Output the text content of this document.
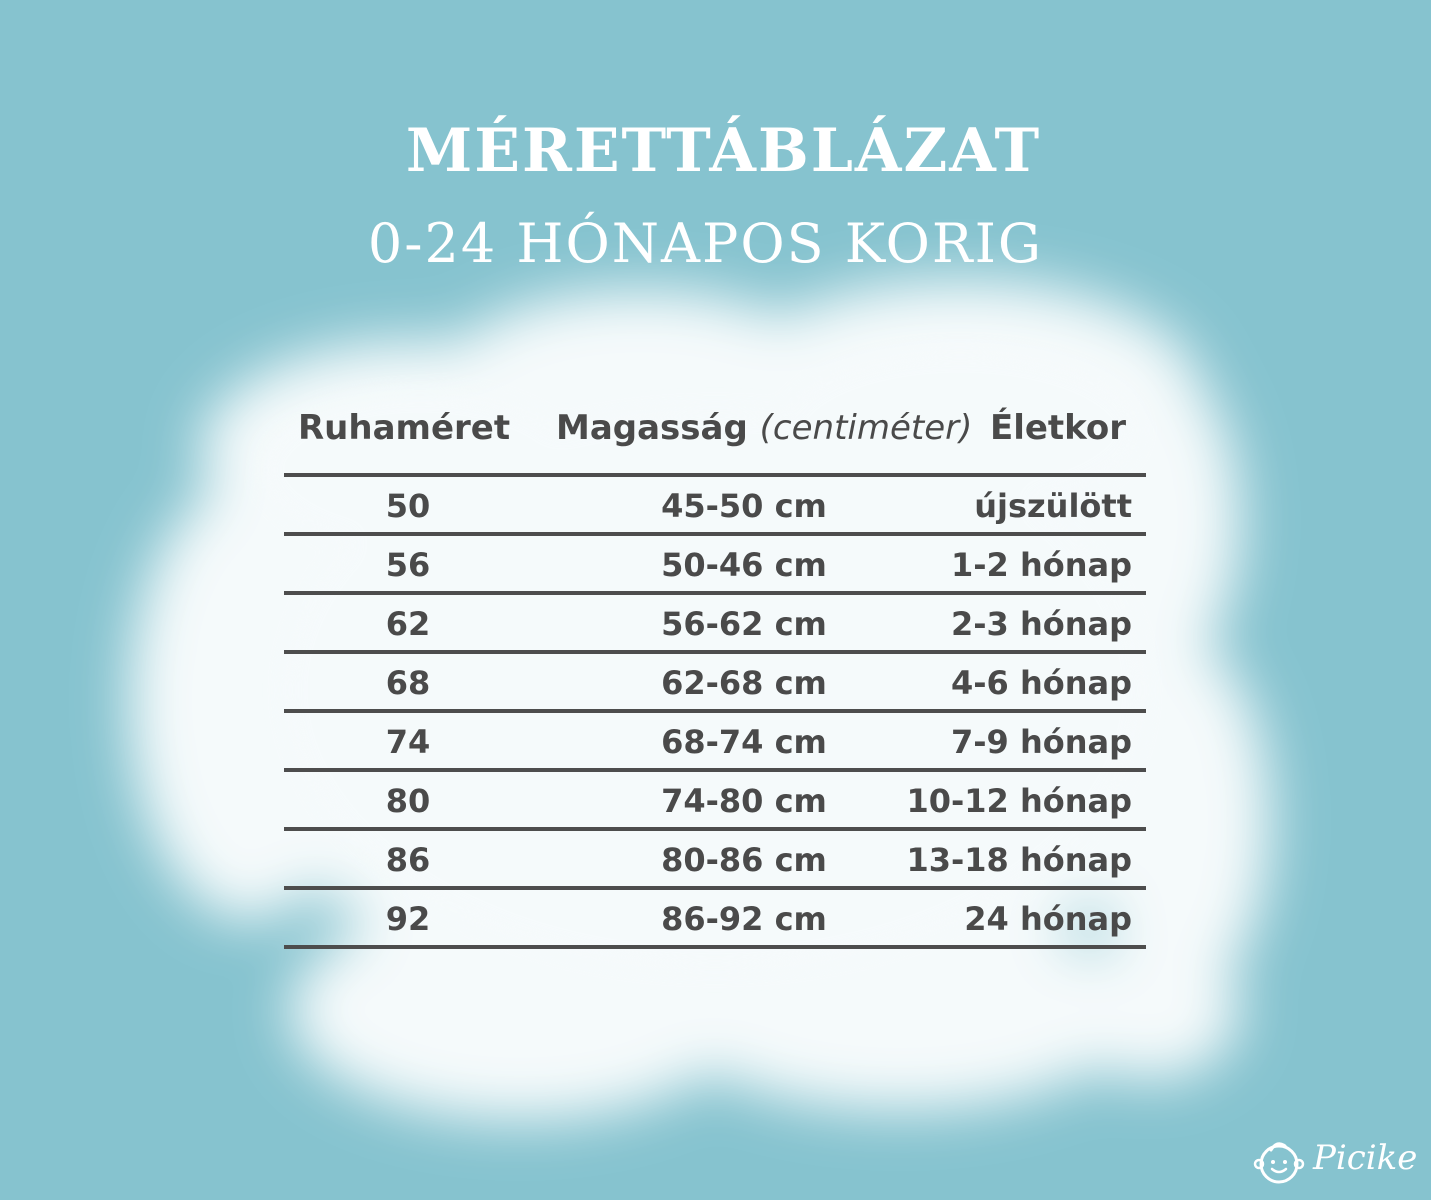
MÉRETTÁBLÁZAT
0-24 HÓNAPOS KORIG
Ruhaméret Magasság (centiméter) Életkor
50	45-50 cm	újszülött
56	50-46 cm	1-2 hónap
62	56-62 cm	2-3 hónap
68	62-68 cm	4-6 hónap
74	68-74 cm	7-9 hónap
80	74-80 cm	10-12 hónap
86	80-86 cm	13-18 hónap
92	86-92 cm	24 hónap
Picike
